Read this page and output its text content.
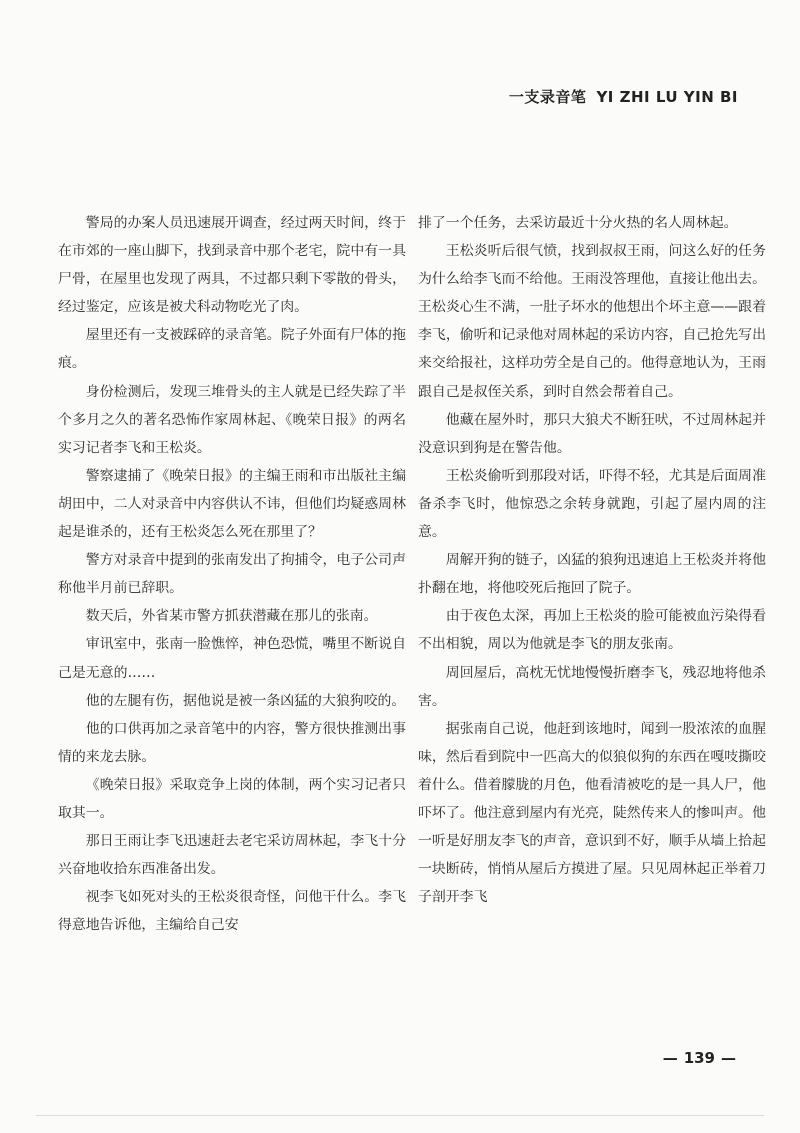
一支录音笔 YI ZHI LU YIN BI

警局的办案人员迅速展开调查，经过两天时间，终于在市郊的一座山脚下，找到录音中那个老宅，院中有一具尸骨，在屋里也发现了两具，不过都只剩下零散的骨头，经过鉴定，应该是被犬科动物吃光了肉。

屋里还有一支被踩碎的录音笔。院子外面有尸体的拖痕。

身份检测后，发现三堆骨头的主人就是已经失踪了半个多月之久的著名恐怖作家周林起、《晚荣日报》的两名实习记者李飞和王松炎。

警察逮捕了《晚荣日报》的主编王雨和市出版社主编胡田中，二人对录音中内容供认不讳，但他们均疑惑周林起是谁杀的，还有王松炎怎么死在那里了？

警方对录音中提到的张南发出了拘捕令，电子公司声称他半月前已辞职。

数天后，外省某市警方抓获潜藏在那儿的张南。

审讯室中，张南一脸憔悴，神色恐慌，嘴里不断说自己是无意的……

他的左腿有伤，据他说是被一条凶猛的大狼狗咬的。

他的口供再加之录音笔中的内容，警方很快推测出事情的来龙去脉。

《晚荣日报》采取竞争上岗的体制，两个实习记者只取其一。

那日王雨让李飞迅速赶去老宅采访周林起，李飞十分兴奋地收拾东西准备出发。

视李飞如死对头的王松炎很奇怪，问他干什么。李飞得意地告诉他，主编给自己安

排了一个任务，去采访最近十分火热的名人周林起。

王松炎听后很气愤，找到叔叔王雨，问这么好的任务为什么给李飞而不给他。王雨没答理他，直接让他出去。王松炎心生不满，一肚子坏水的他想出个坏主意——跟着李飞，偷听和记录他对周林起的采访内容，自己抢先写出来交给报社，这样功劳全是自己的。他得意地认为，王雨跟自己是叔侄关系，到时自然会帮着自己。

他藏在屋外时，那只大狼犬不断狂吠，不过周林起并没意识到狗是在警告他。

王松炎偷听到那段对话，吓得不轻，尤其是后面周准备杀李飞时，他惊恐之余转身就跑，引起了屋内周的注意。

周解开狗的链子，凶猛的狼狗迅速追上王松炎并将他扑翻在地，将他咬死后拖回了院子。

由于夜色太深，再加上王松炎的脸可能被血污染得看不出相貌，周以为他就是李飞的朋友张南。

周回屋后，高枕无忧地慢慢折磨李飞，残忍地将他杀害。

据张南自己说，他赶到该地时，闻到一股浓浓的血腥味，然后看到院中一匹高大的似狼似狗的东西在嘎吱撕咬着什么。借着朦胧的月色，他看清被吃的是一具人尸，他吓坏了。他注意到屋内有光亮，陡然传来人的惨叫声。他一听是好朋友李飞的声音，意识到不好，顺手从墙上拾起一块断砖，悄悄从屋后方摸进了屋。只见周林起正举着刀子剖开李飞

— 139 —
